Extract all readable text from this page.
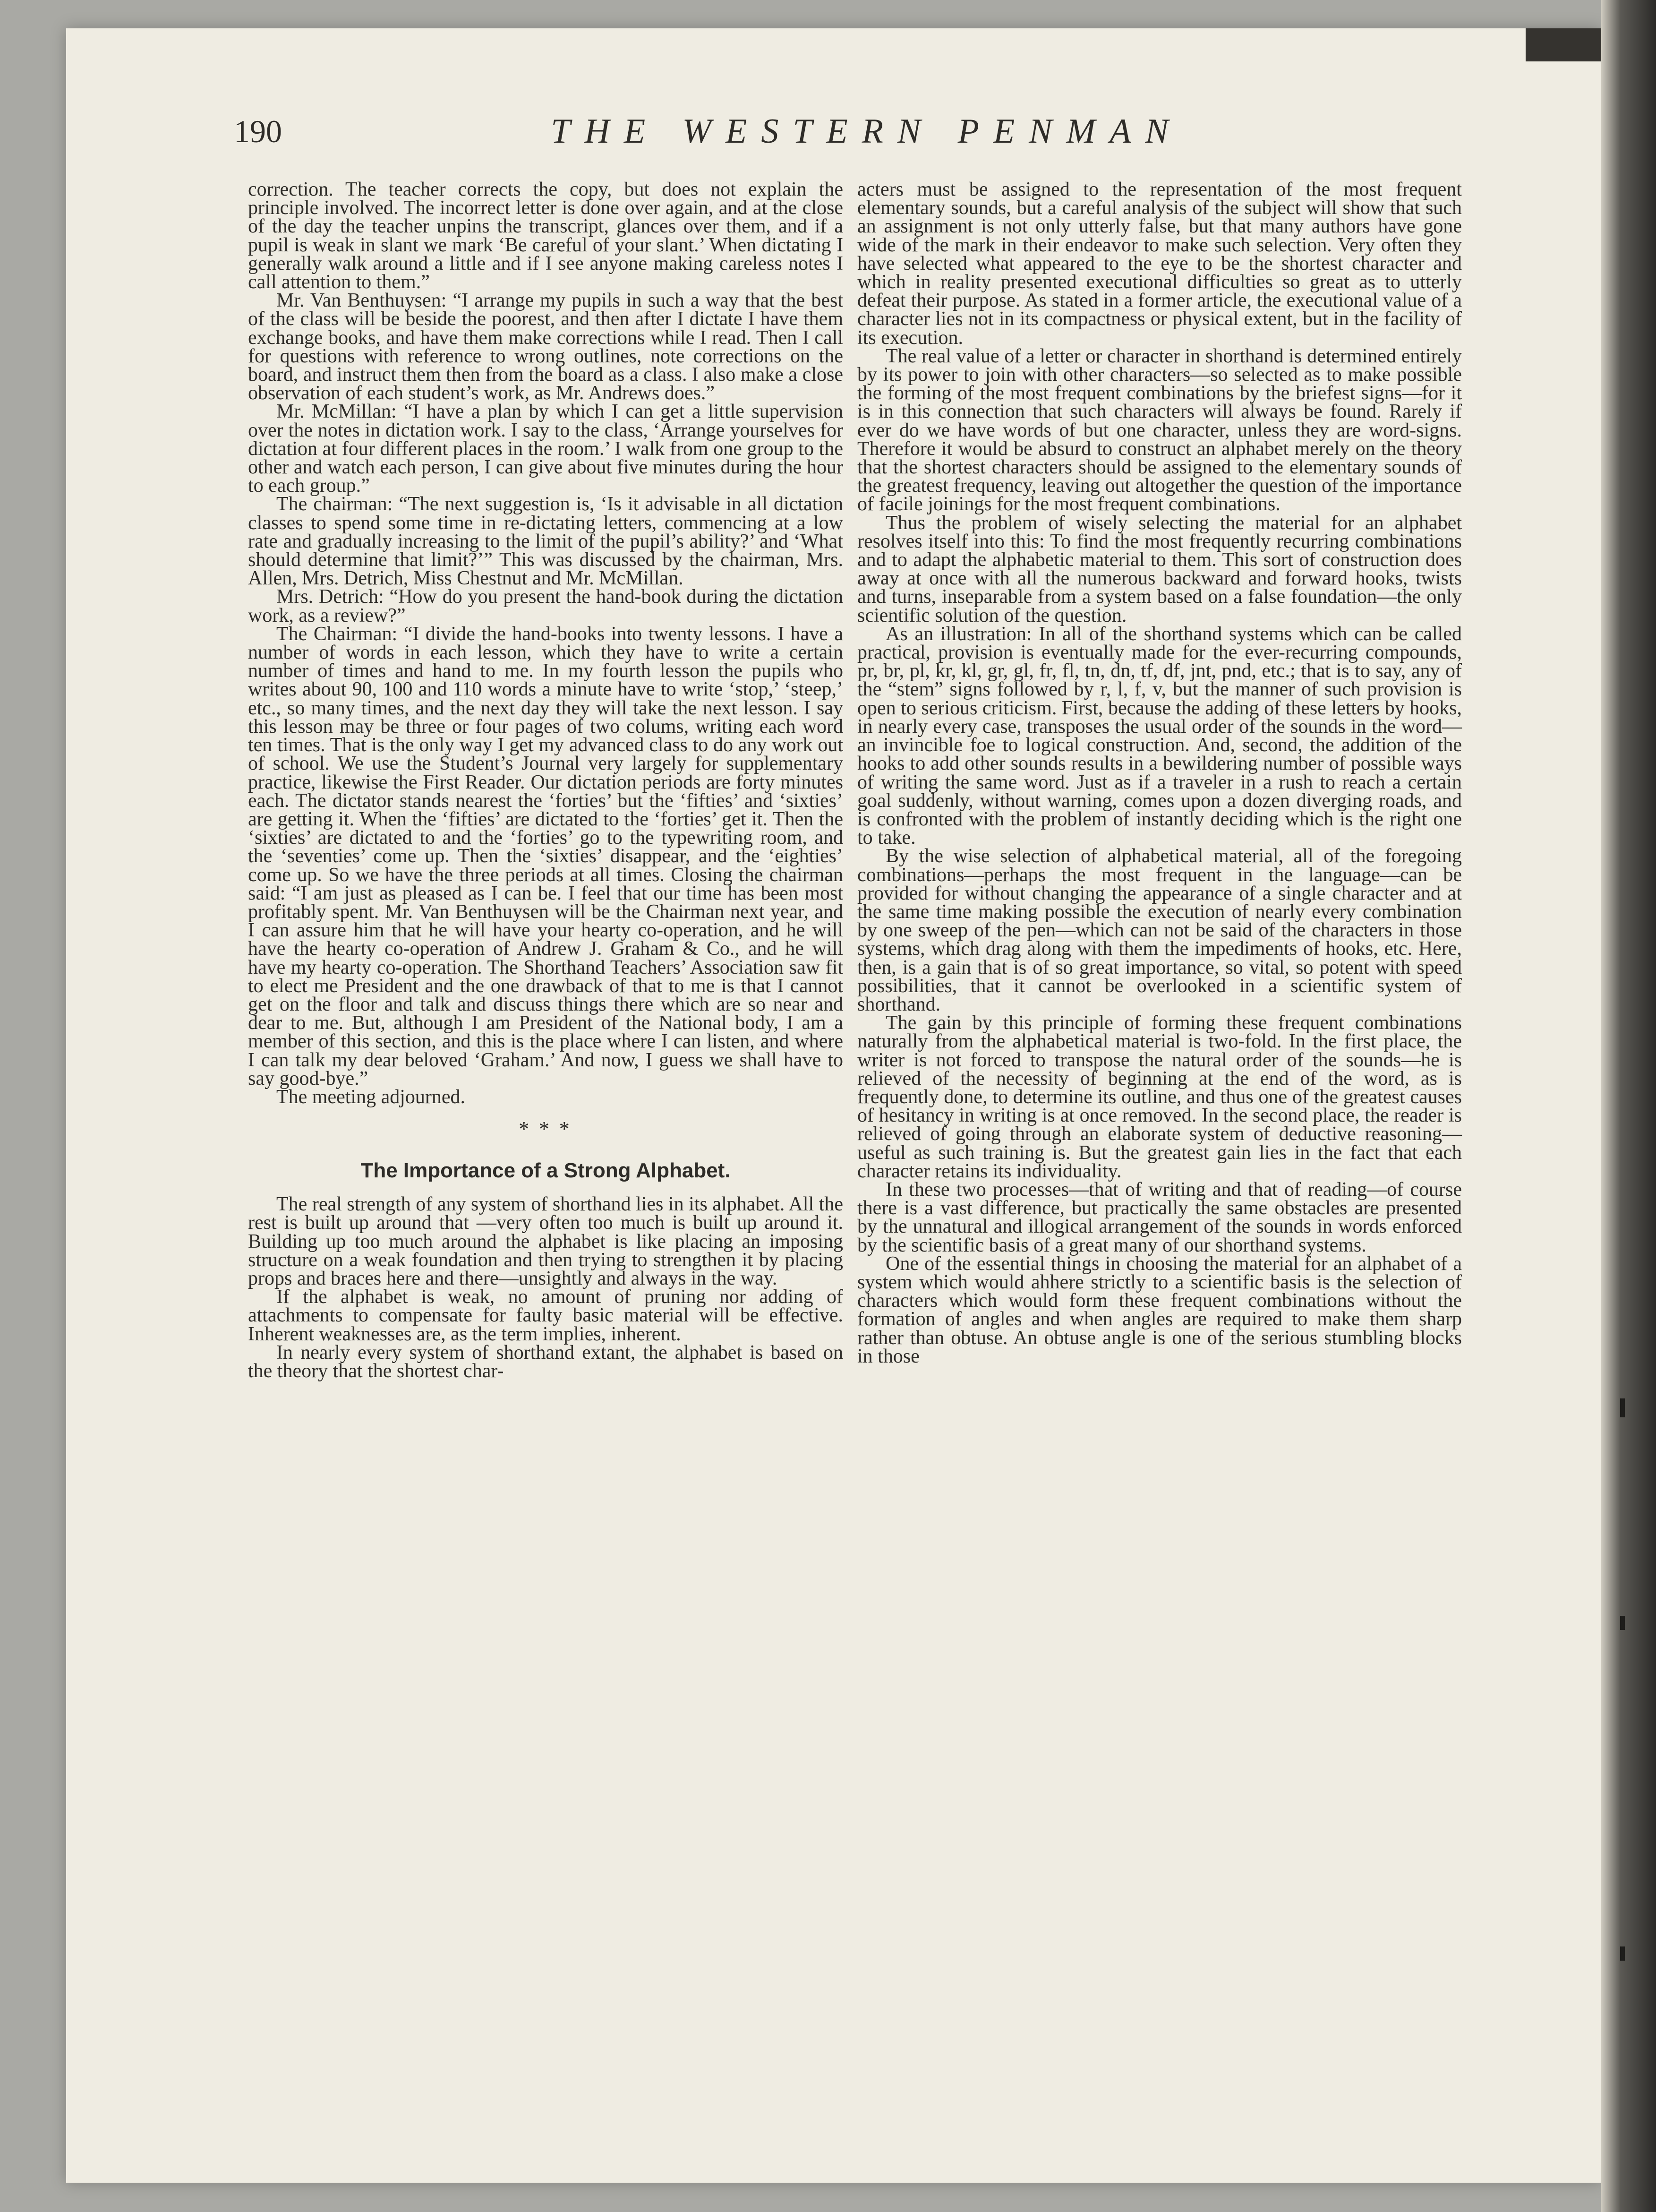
190	THE WESTERN PENMAN

correction. The teacher corrects the copy, but does not explain the principle involved. The incorrect letter is done over again, and at the close of the day the teacher unpins the transcript, glances over them, and if a pupil is weak in slant we mark ‘Be careful of your slant.’ When dictating I generally walk around a little and if I see anyone making careless notes I call attention to them.”

Mr. Van Benthuysen: “I arrange my pupils in such a way that the best of the class will be beside the poorest, and then after I dictate I have them exchange books, and have them make corrections while I read. Then I call for questions with reference to wrong outlines, note corrections on the board, and instruct them then from the board as a class. I also make a close observation of each student’s work, as Mr. Andrews does.”

Mr. McMillan: “I have a plan by which I can get a little supervision over the notes in dictation work. I say to the class, ‘Arrange yourselves for dictation at four different places in the room.’ I walk from one group to the other and watch each person, I can give about five minutes during the hour to each group.”

The chairman: “The next suggestion is, ‘Is it advisable in all dictation classes to spend some time in re-dictating letters, commencing at a low rate and gradually increasing to the limit of the pupil’s ability?’ and ‘What should determine that limit?’” This was discussed by the chairman, Mrs. Allen, Mrs. Detrich, Miss Chestnut and Mr. McMillan.

Mrs. Detrich: “How do you present the hand-book during the dictation work, as a review?”

The Chairman: “I divide the hand-books into twenty lessons. I have a number of words in each lesson, which they have to write a certain number of times and hand to me. In my fourth lesson the pupils who writes about 90, 100 and 110 words a minute have to write ‘stop,’ ‘steep,’ etc., so many times, and the next day they will take the next lesson. I say this lesson may be three or four pages of two colums, writing each word ten times. That is the only way I get my advanced class to do any work out of school. We use the Student’s Journal very largely for supplementary practice, likewise the First Reader. Our dictation periods are forty minutes each. The dictator stands nearest the ‘forties’ but the ‘fifties’ and ‘sixties’ are getting it. When the ‘fifties’ are dictated to the ‘forties’ get it. Then the ‘sixties’ are dictated to and the ‘forties’ go to the typewriting room, and the ‘seventies’ come up. Then the ‘sixties’ disappear, and the ‘eighties’ come up. So we have the three periods at all times. Closing the chairman said: “I am just as pleased as I can be. I feel that our time has been most profitably spent. Mr. Van Benthuysen will be the Chairman next year, and I can assure him that he will have your hearty co-operation, and he will have the hearty co-operation of Andrew J. Graham & Co., and he will have my hearty co-operation. The Shorthand Teachers’ Association saw fit to elect me President and the one drawback of that to me is that I cannot get on the floor and talk and discuss things there which are so near and dear to me. But, although I am President of the National body, I am a member of this section, and this is the place where I can listen, and where I can talk my dear beloved ‘Graham.’ And now, I guess we shall have to say good-bye.”

The meeting adjourned.

* * *
The Importance of a Strong Alphabet.

The real strength of any system of shorthand lies in its alphabet. All the rest is built up around that —very often too much is built up around it. Building up too much around the alphabet is like placing an imposing structure on a weak foundation and then trying to strengthen it by placing props and braces here and there—unsightly and always in the way.

If the alphabet is weak, no amount of pruning nor adding of attachments to compensate for faulty basic material will be effective. Inherent weaknesses are, as the term implies, inherent.

In nearly every system of shorthand extant, the alphabet is based on the theory that the shortest char-

acters must be assigned to the representation of the most frequent elementary sounds, but a careful analysis of the subject will show that such an assignment is not only utterly false, but that many authors have gone wide of the mark in their endeavor to make such selection. Very often they have selected what appeared to the eye to be the shortest character and which in reality presented executional difficulties so great as to utterly defeat their purpose. As stated in a former article, the executional value of a character lies not in its compactness or physical extent, but in the facility of its execution.

The real value of a letter or character in shorthand is determined entirely by its power to join with other characters—so selected as to make possible the forming of the most frequent combinations by the briefest signs—for it is in this connection that such characters will always be found. Rarely if ever do we have words of but one character, unless they are word-signs. Therefore it would be absurd to construct an alphabet merely on the theory that the shortest characters should be assigned to the elementary sounds of the greatest frequency, leaving out altogether the question of the importance of facile joinings for the most frequent combinations.

Thus the problem of wisely selecting the material for an alphabet resolves itself into this: To find the most frequently recurring combinations and to adapt the alphabetic material to them. This sort of construction does away at once with all the numerous backward and forward hooks, twists and turns, inseparable from a system based on a false foundation—the only scientific solution of the question.

As an illustration: In all of the shorthand systems which can be called practical, provision is eventually made for the ever-recurring compounds, pr, br, pl, kr, kl, gr, gl, fr, fl, tn, dn, tf, df, jnt, pnd, etc.; that is to say, any of the “stem” signs followed by r, l, f, v, but the manner of such provision is open to serious criticism. First, because the adding of these letters by hooks, in nearly every case, transposes the usual order of the sounds in the word—an invincible foe to logical construction. And, second, the addition of the hooks to add other sounds results in a bewildering number of possible ways of writing the same word. Just as if a traveler in a rush to reach a certain goal suddenly, without warning, comes upon a dozen diverging roads, and is confronted with the problem of instantly deciding which is the right one to take.

By the wise selection of alphabetical material, all of the foregoing combinations—perhaps the most frequent in the language—can be provided for without changing the appearance of a single character and at the same time making possible the execution of nearly every combination by one sweep of the pen—which can not be said of the characters in those systems, which drag along with them the impediments of hooks, etc. Here, then, is a gain that is of so great importance, so vital, so potent with speed possibilities, that it cannot be overlooked in a scientific system of shorthand.

The gain by this principle of forming these frequent combinations naturally from the alphabetical material is two-fold. In the first place, the writer is not forced to transpose the natural order of the sounds—he is relieved of the necessity of beginning at the end of the word, as is frequently done, to determine its outline, and thus one of the greatest causes of hesitancy in writing is at once removed. In the second place, the reader is relieved of going through an elaborate system of deductive reasoning—useful as such training is. But the greatest gain lies in the fact that each character retains its individuality.

In these two processes—that of writing and that of reading—of course there is a vast difference, but practically the same obstacles are presented by the unnatural and illogical arrangement of the sounds in words enforced by the scientific basis of a great many of our shorthand systems.

One of the essential things in choosing the material for an alphabet of a system which would ahhere strictly to a scientific basis is the selection of characters which would form these frequent combinations without the formation of angles and when angles are required to make them sharp rather than obtuse. An obtuse angle is one of the serious stumbling blocks in those
